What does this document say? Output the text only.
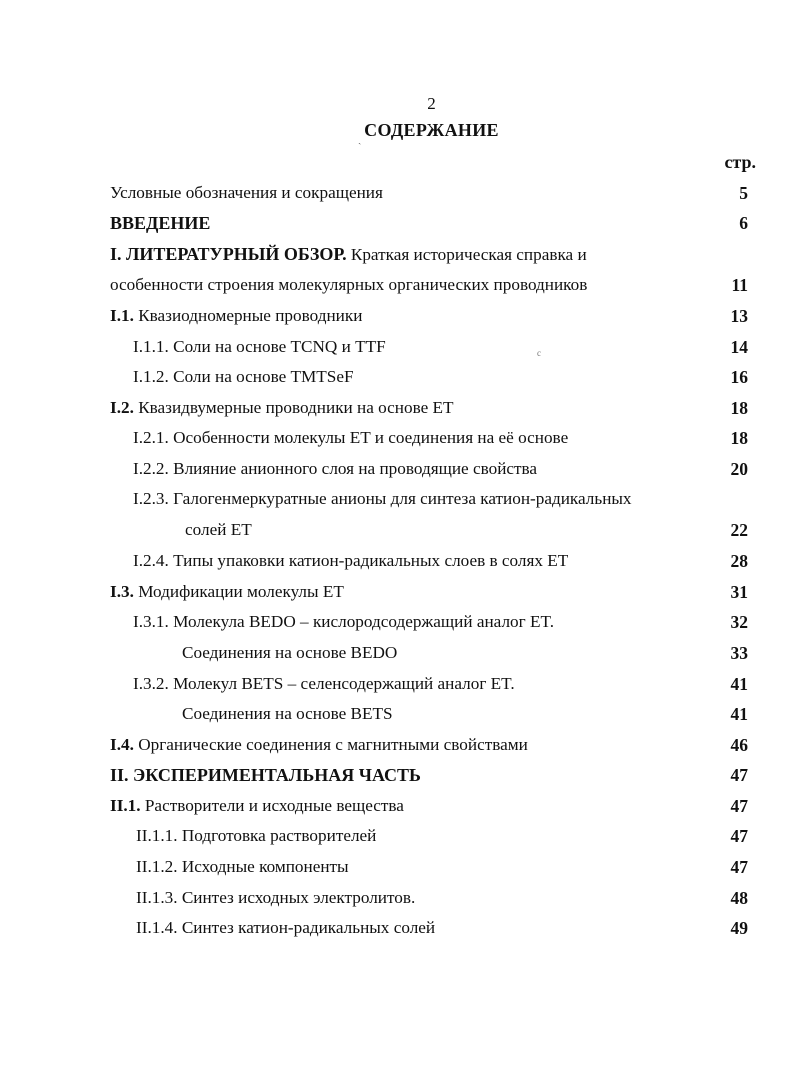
2
ˏ СОДЕРЖАНИЕ
стр.
c
Условные обозначения и сокращения	5
ВВЕДЕНИЕ	6
I. ЛИТЕРАТУРНЫЙ ОБЗОР. Краткая историческая справка и
особенности строения молекулярных органических проводников	11
I.1. Квазиодномерные проводники	13
I.1.1. Соли на основе TCNQ и TTF	14
I.1.2. Соли на основе TMTSeF	16
I.2. Квазидвумерные проводники на основе ET	18
I.2.1. Особенности молекулы ET и соединения на её основе	18
I.2.2. Влияние анионного слоя на проводящие свойства	20
I.2.3. Галогенмеркуратные анионы для синтеза катион-радикальных
солей ET	22
I.2.4. Типы упаковки катион-радикальных слоев в солях ET	28
I.3. Модификации молекулы ET	31
I.3.1. Молекула BEDO – кислородсодержащий аналог ET.	32
Соединения на основе BEDO	33
I.3.2. Молекул BETS – селенсодержащий аналог ET.	41
Соединения на основе BETS	41
I.4. Органические соединения с магнитными свойствами	46
II. ЭКСПЕРИМЕНТАЛЬНАЯ ЧАСТЬ	47
II.1. Растворители и исходные вещества	47
II.1.1. Подготовка растворителей	47
II.1.2. Исходные компоненты	47
II.1.3. Синтез исходных электролитов.	48
II.1.4. Синтез катион-радикальных солей	49
